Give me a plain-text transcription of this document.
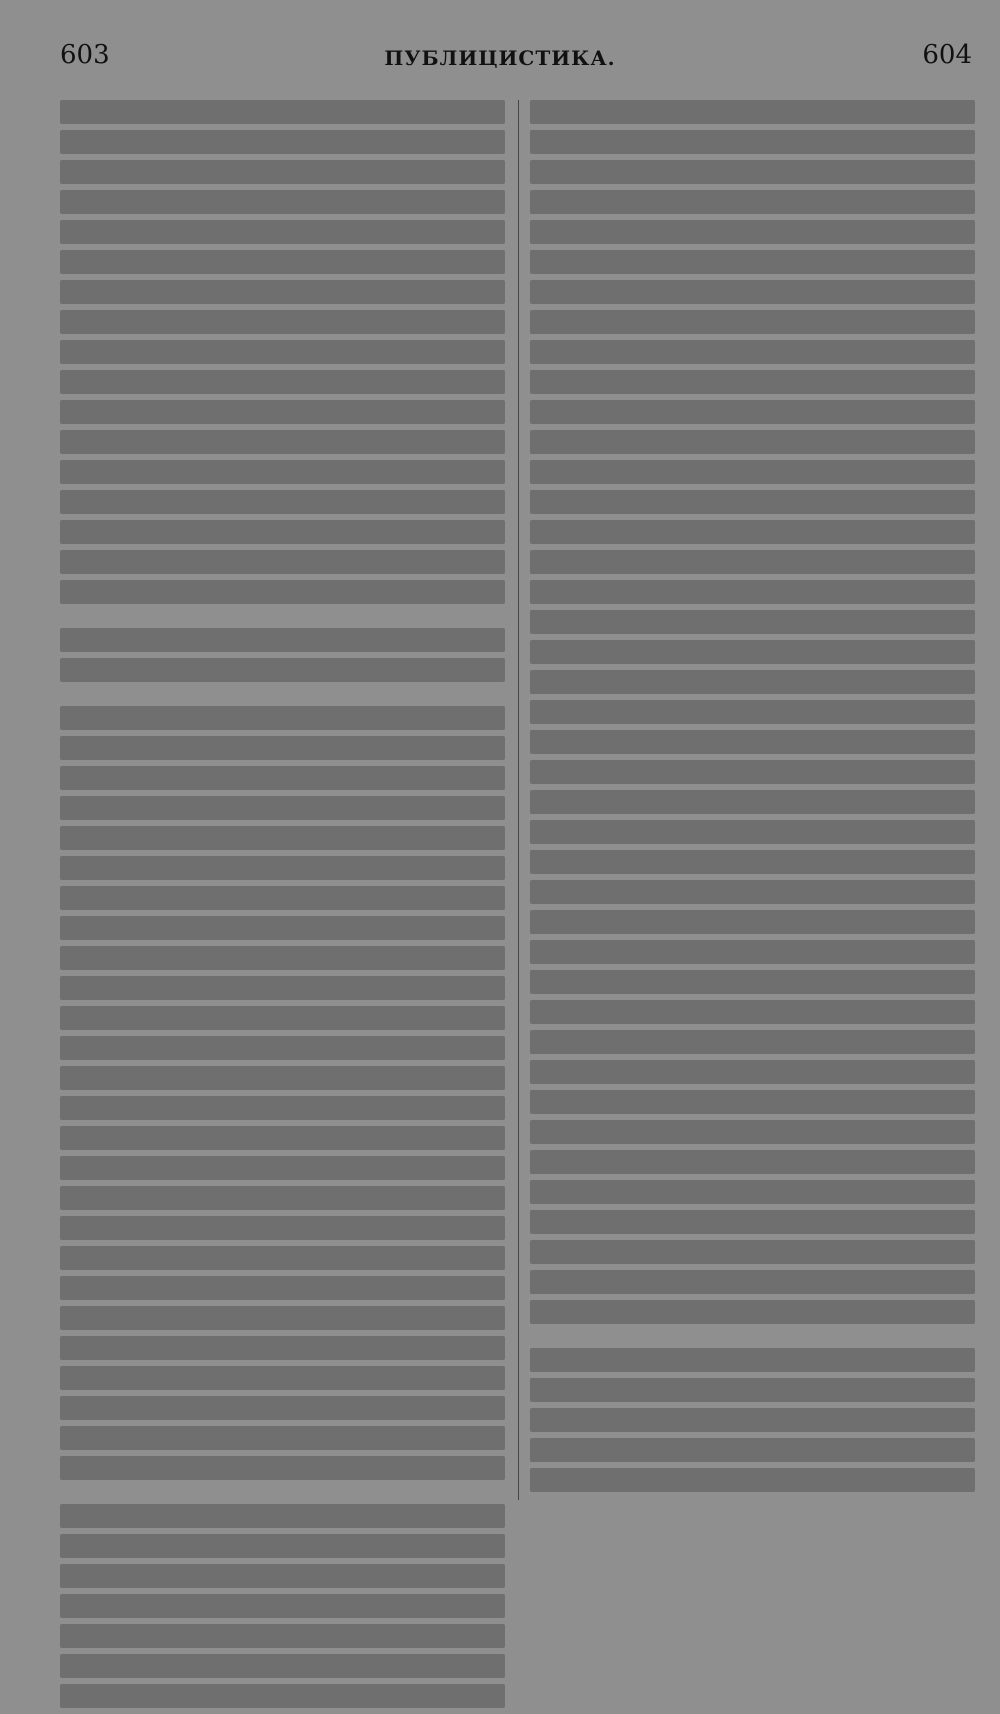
603	ПУБЛИЦИСТИКА.	604
